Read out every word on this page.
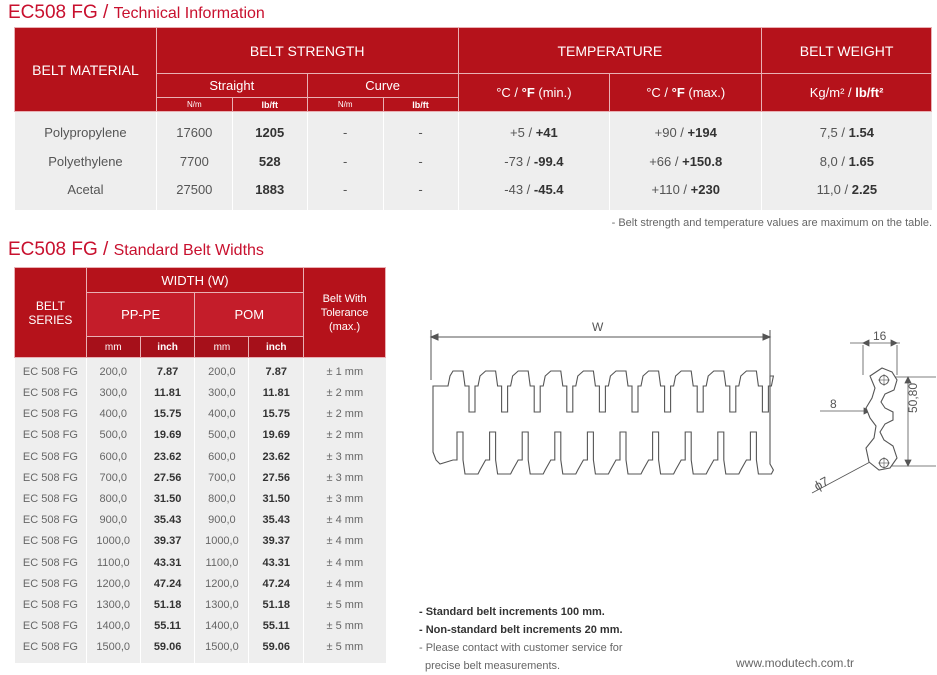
EC508 FG / Technical Information
BELT MATERIAL	BELT STRENGTH				TEMPERATURE		BELT WEIGHT
	Straight		Curve		°C / °F (min.)	°C / °F (max.)	Kg/m² / lb/ft²
	N/m	lb/ft	N/m	lb/ft			
Polypropylene	17600	1205	-	-	+5 / +41	+90 / +194	7,5 / 1.54
Polyethylene	7700	528	-	-	-73 / -99.4	+66 / +150.8	8,0 / 1.65
Acetal	27500	1883	-	-	-43 / -45.4	+110 / +230	11,0 / 2.25
- Belt strength and temperature values are maximum on the table.
EC508 FG / Standard Belt Widths
BELT SERIES	WIDTH (W)				Belt With Tolerance (max.)
	PP-PE		POM		
	mm	inch	mm	inch	
EC 508 FG	200,0	7.87	200,0	7.87	± 1 mm
EC 508 FG	300,0	11.81	300,0	11.81	± 2 mm
EC 508 FG	400,0	15.75	400,0	15.75	± 2 mm
EC 508 FG	500,0	19.69	500,0	19.69	± 2 mm
EC 508 FG	600,0	23.62	600,0	23.62	± 3 mm
EC 508 FG	700,0	27.56	700,0	27.56	± 3 mm
EC 508 FG	800,0	31.50	800,0	31.50	± 3 mm
EC 508 FG	900,0	35.43	900,0	35.43	± 4 mm
EC 508 FG	1000,0	39.37	1000,0	39.37	± 4 mm
EC 508 FG	1100,0	43.31	1100,0	43.31	± 4 mm
EC 508 FG	1200,0	47.24	1200,0	47.24	± 4 mm
EC 508 FG	1300,0	51.18	1300,0	51.18	± 5 mm
EC 508 FG	1400,0	55.11	1400,0	55.11	± 5 mm
EC 508 FG	1500,0	59.06	1500,0	59.06	± 5 mm
W
16
8	50,80
ϕ7
- Standard belt increments 100 mm.
- Non-standard belt increments 20 mm.
- Please contact with customer service for
precise belt measurements.	www.modutech.com.tr
